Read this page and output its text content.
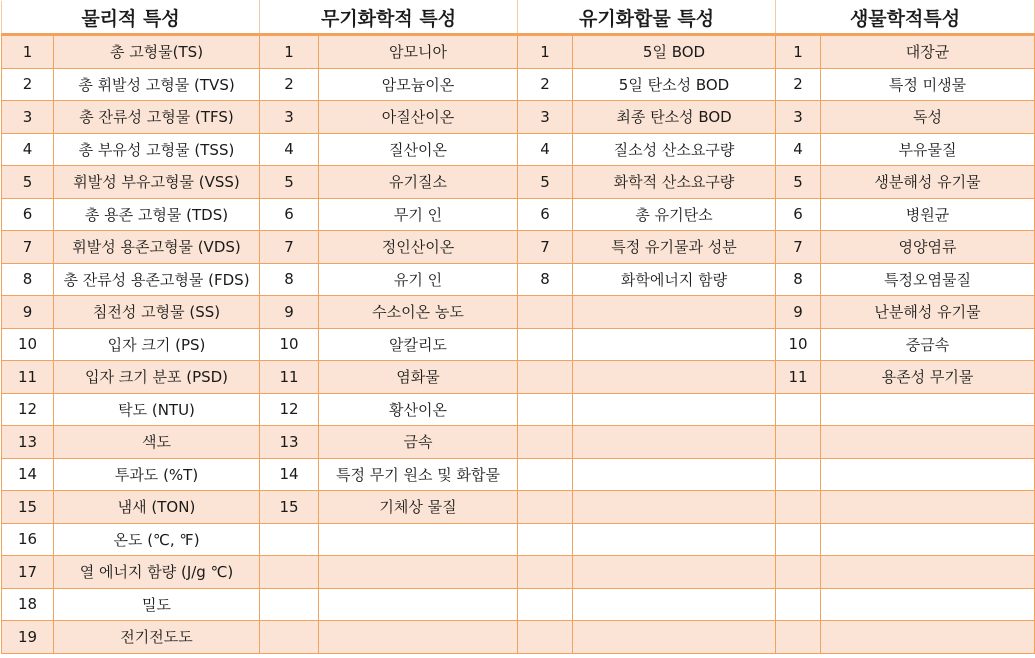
물리적 특성		무기화학적 특성		유기화합물 특성		생물학적특성	
1	총 고형물(TS)	1	암모니아	1	5일 BOD	1	대장균
2	총 휘발성 고형물 (TVS)	2	암모늄이온	2	5일 탄소성 BOD	2	특정 미생물
3	총 잔류성 고형물 (TFS)	3	아질산이온	3	최종 탄소성 BOD	3	독성
4	총 부유성 고형물 (TSS)	4	질산이온	4	질소성 산소요구량	4	부유물질
5	휘발성 부유고형물 (VSS)	5	유기질소	5	화학적 산소요구량	5	생분해성 유기물
6	총 용존 고형물 (TDS)	6	무기 인	6	총 유기탄소	6	병원균
7	휘발성 용존고형물 (VDS)	7	정인산이온	7	특정 유기물과 성분	7	영양염류
8	총 잔류성 용존고형물 (FDS)	8	유기 인	8	화학에너지 함량	8	특정오염물질
9	침전성 고형물 (SS)	9	수소이온 농도			9	난분해성 유기물
10	입자 크기 (PS)	10	알칼리도			10	중금속
11	입자 크기 분포 (PSD)	11	염화물			11	용존성 무기물
12	탁도 (NTU)	12	황산이온				
13	색도	13	금속				
14	투과도 (%T)	14	특정 무기 원소 및 화합물				
15	냄새 (TON)	15	기체상 물질				
16	온도 (℃, ℉)						
17	열 에너지 함량 (J/g ℃)						
18	밀도						
19	전기전도도						
